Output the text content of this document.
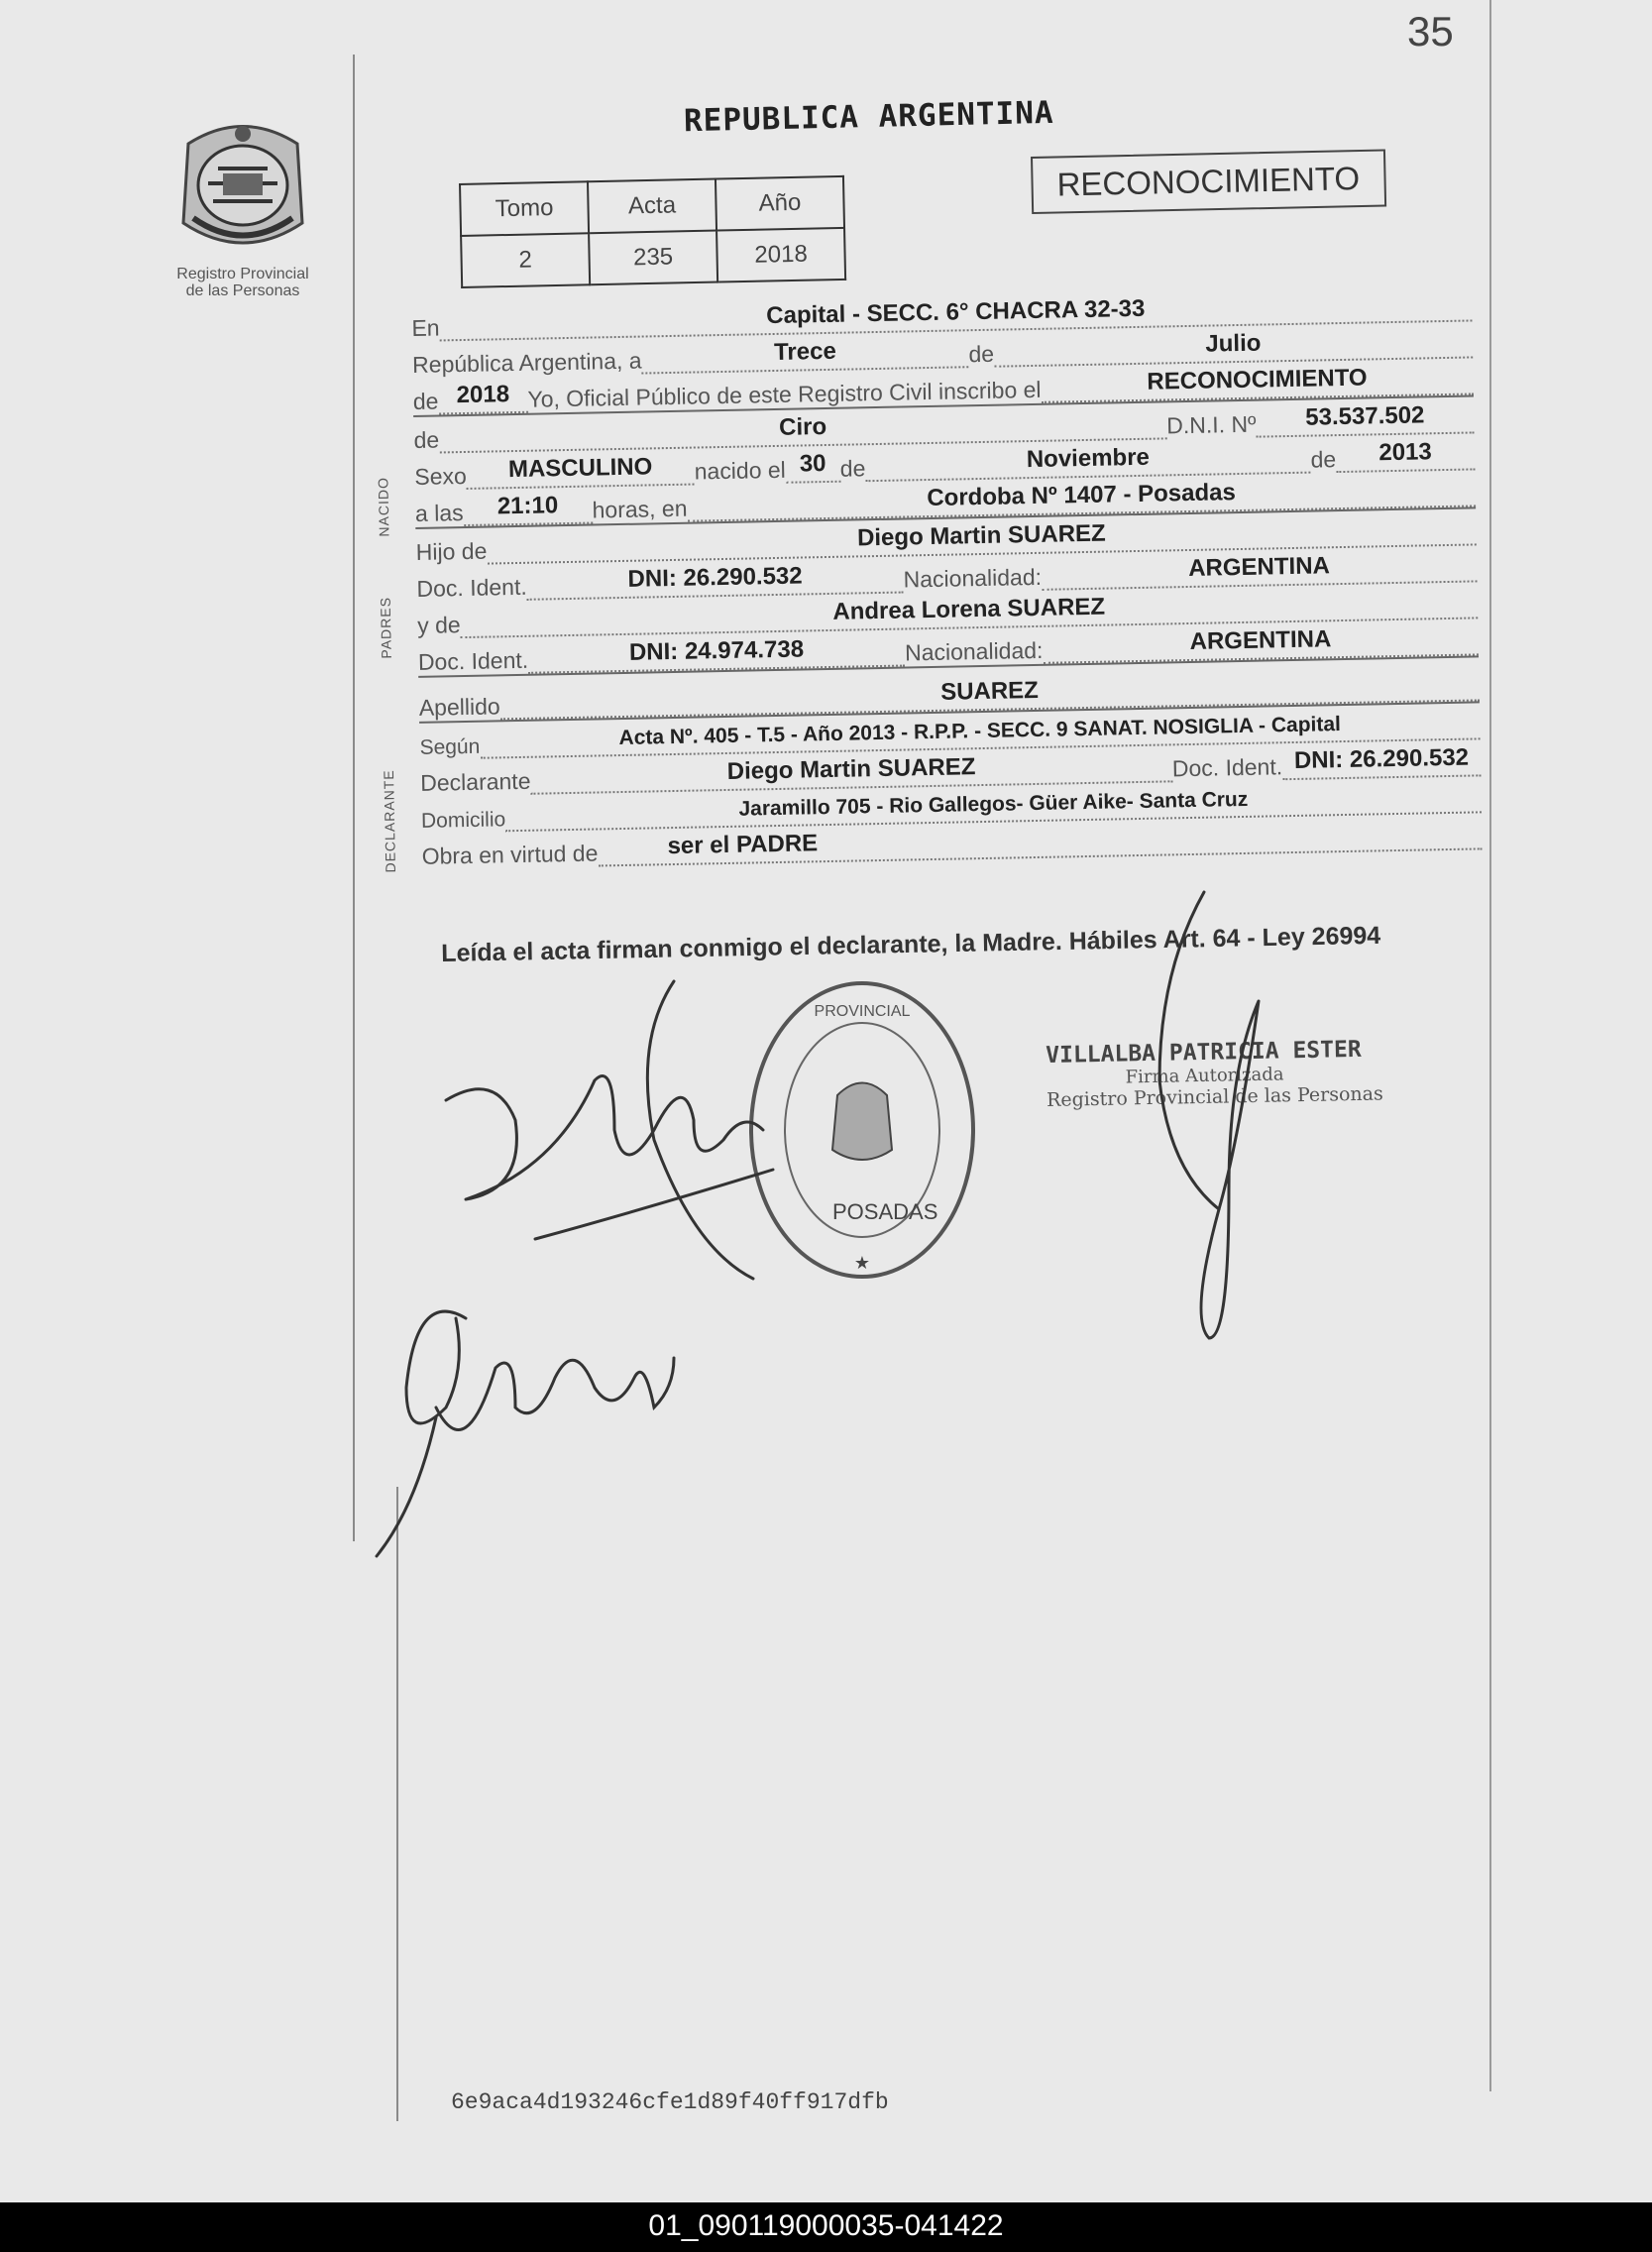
35
Registro Provincial
de las Personas
REPUBLICA ARGENTINA
Tomo	Acta	Año
2	235	2018
RECONOCIMIENTO
En	Capital - SECC. 6° CHACRA 32-33
República Argentina, a	Trece	de	Julio
de 2018 Yo, Oficial Público de este Registro Civil inscribo el	RECONOCIMIENTO
NACIDO
de	Ciro	D.N.I. Nº	53.537.502
Sexo	MASCULINO	nacido el 30 de	Noviembre	de	2013
a las	21:10	horas, en	Cordoba Nº 1407 - Posadas
PADRES
Hijo de	Diego Martin SUAREZ
Doc. Ident.	DNI: 26.290.532	Nacionalidad:	ARGENTINA
y de	Andrea Lorena SUAREZ
Doc. Ident.	DNI: 24.974.738	Nacionalidad:	ARGENTINA
Apellido
SUAREZ
DECLARANTE
Según	Acta Nº. 405 - T.5 - Año 2013 - R.P.P. - SECC. 9 SANAT. NOSIGLIA - Capital
Declarante	Diego Martin SUAREZ	Doc. Ident. DNI: 26.290.532
Domicilio	Jaramillo 705 - Rio Gallegos- Güer Aike- Santa Cruz
Obra en virtud de	ser el PADRE
Leída el acta firman conmigo el declarante, la Madre. Hábiles Art. 64 - Ley 26994
PROVINCIAL
POSADAS
★
VILLALBA PATRICIA ESTER
Firma Autorizada
Registro Provincial de las Personas
6e9aca4d193246cfe1d89f40ff917dfb
01_090119000035-041422
